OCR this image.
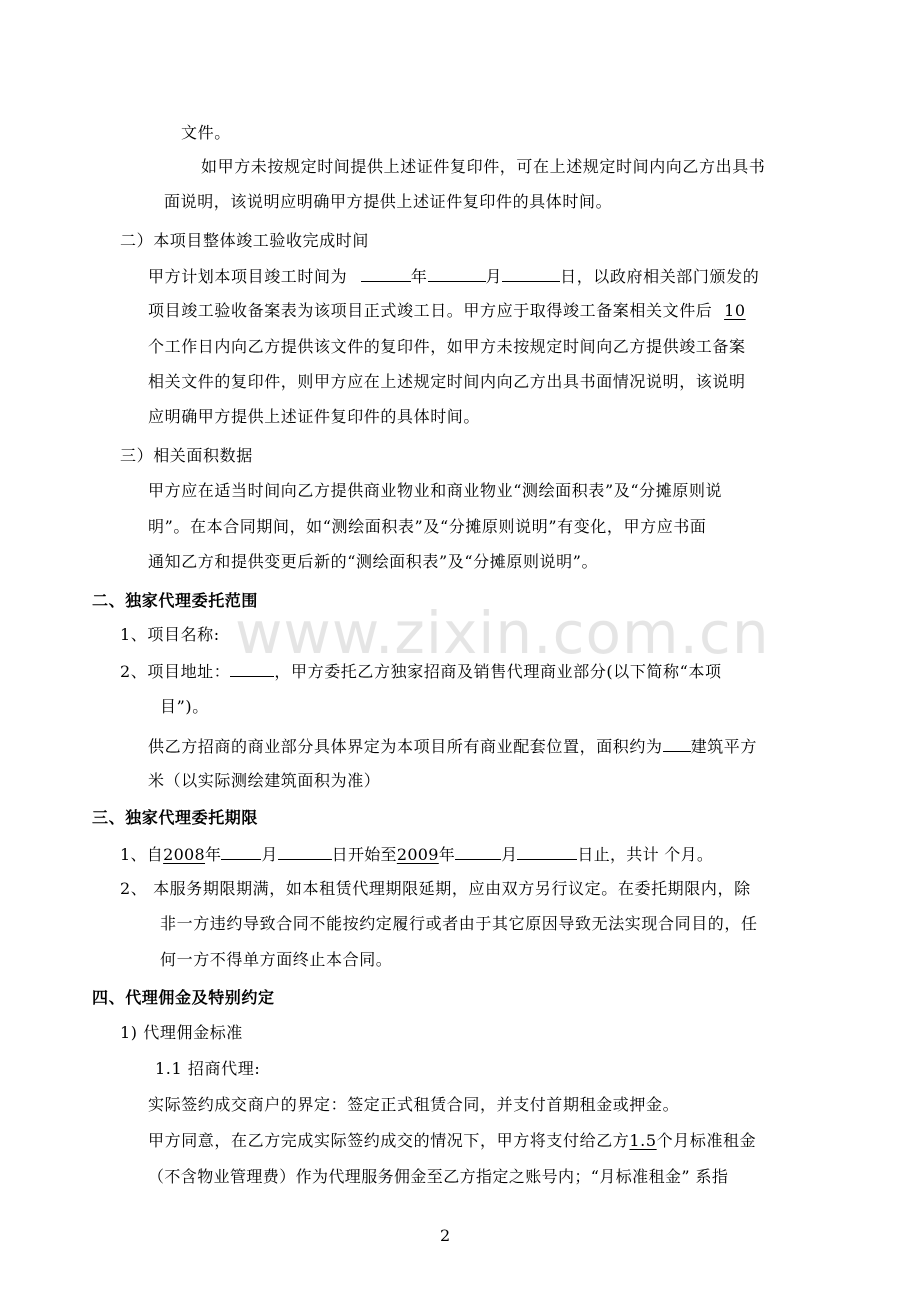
www.zixin.com.cn
文件。
如甲方未按规定时间提供上述证件复印件，可在上述规定时间内向乙方出具书
面说明，该说明应明确甲方提供上述证件复印件的具体时间。
二）本项目整体竣工验收完成时间
甲方计划本项目竣工时间为	年	月	日，以政府相关部门颁发的
项目竣工验收备案表为该项目正式竣工日。甲方应于取得竣工备案相关文件后 10
个工作日内向乙方提供该文件的复印件，如甲方未按规定时间向乙方提供竣工备案
相关文件的复印件，则甲方应在上述规定时间内向乙方出具书面情况说明，该说明
应明确甲方提供上述证件复印件的具体时间。
三）相关面积数据
甲方应在适当时间向乙方提供商业物业和商业物业“测绘面积表”及“分摊原则说
明”。在本合同期间，如“测绘面积表”及“分摊原则说明”有变化，甲方应书面
通知乙方和提供变更后新的“测绘面积表”及“分摊原则说明”。
二、独家代理委托范围
1、项目名称:
2、项目地址：	，甲方委托乙方独家招商及销售代理商业部分(以下简称“本项
目”)。
供乙方招商的商业部分具体界定为本项目所有商业配套位置，面积约为 建筑平方
米（以实际测绘建筑面积为准）
三、独家代理委托期限
1、自2008年	月	日开始至2009年	月	日止，共计 个月。
2、 本服务期限期满，如本租赁代理期限延期，应由双方另行议定。在委托期限内，除
非一方违约导致合同不能按约定履行或者由于其它原因导致无法实现合同目的，任
何一方不得单方面终止本合同。
四、代理佣金及特别约定
1) 代理佣金标准
1.1 招商代理:
实际签约成交商户的界定：签定正式租赁合同，并支付首期租金或押金。
甲方同意，在乙方完成实际签约成交的情况下，甲方将支付给乙方1.5个月标准租金
（不含物业管理费）作为代理服务佣金至乙方指定之账号内；“月标准租金” 系指
2
